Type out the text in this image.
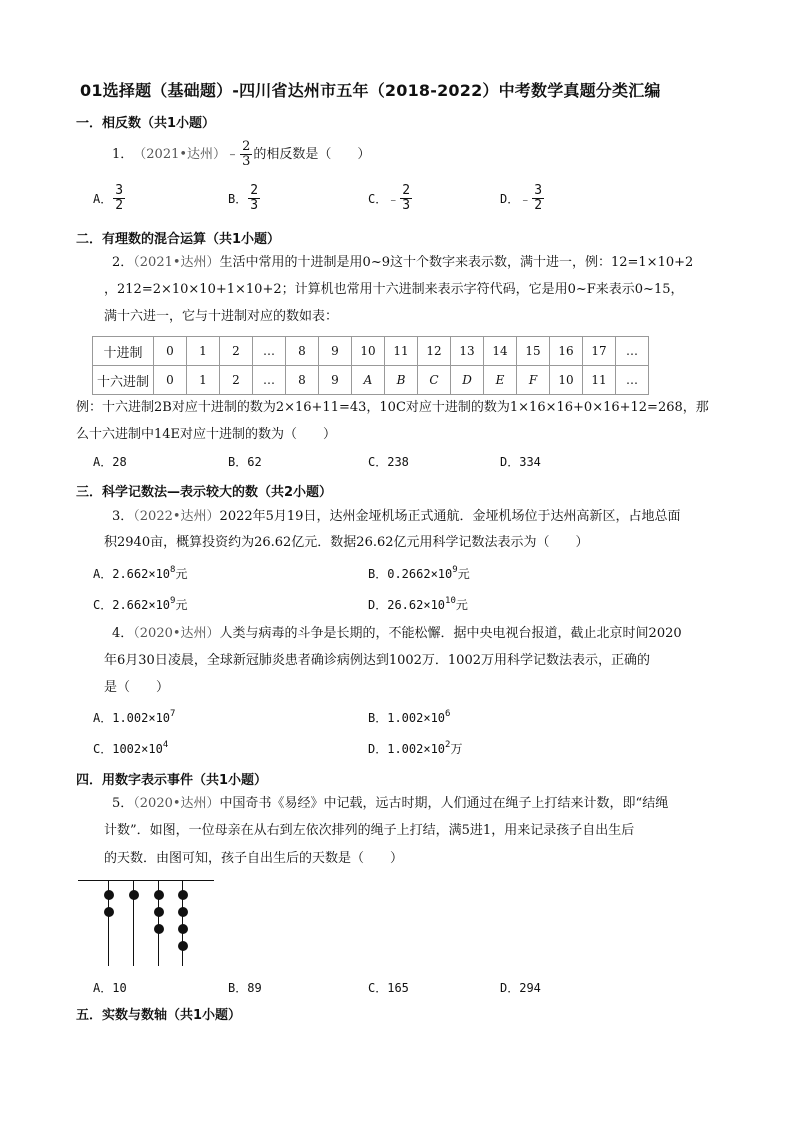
01选择题（基础题）-四川省达州市五年（2018-2022）中考数学真题分类汇编
一．相反数（共1小题）
1． （2021•达州） ﹣ $\frac{2}{3}$ 的相反数是（　　）
A． $\frac{3}{2}$	B． $\frac{2}{3}$	C． ﹣ $\frac{2}{3}$	D． ﹣ $\frac{3}{2}$
二．有理数的混合运算（共1小题）
2．（2021•达州）生活中常用的十进制是用0~9这十个数字来表示数，满十进一，例：12=1×10+2
，212=2×10×10+1×10+2；计算机也常用十六进制来表示字符代码，它是用0~F来表示0~15，
满十六进一，它与十进制对应的数如表：
十进制	0	1	2	…	8	9	10	11	12	13	14	15	16	17	…
十六进制	0	1	2	…	8	9	A	B	C	D	E	F	10	11	…
例：十六进制2B对应十进制的数为2×16+11=43，10C对应十进制的数为1×16×16+0×16+12=268，那
么十六进制中14E对应十进制的数为（　　）
A．28	B．62	C．238	D．334
三．科学记数法—表示较大的数（共2小题）
3．（2022•达州）2022年5月19日，达州金垭机场正式通航．金垭机场位于达州高新区，占地总面
积2940亩，概算投资约为26.62亿元．数据26.62亿元用科学记数法表示为（　　）
A．$2.662\times 10^8$元	B．$0.2662\times 10^9$元
C．$2.662\times 10^9$元	D．$26.62\times 10^{10}$元
4．（2020•达州）人类与病毒的斗争是长期的，不能松懈．据中央电视台报道，截止北京时间2020
年6月30日凌晨，全球新冠肺炎患者确诊病例达到1002万．1002万用科学记数法表示，正确的
是（　　）
A．$1.002\times 10^7$	B．$1.002\times 10^6$
C．$1002\times 10^4$	D．$1.002\times 10^2$万
四．用数字表示事件（共1小题）
5．（2020•达州）中国奇书《易经》中记载，远古时期，人们通过在绳子上打结来计数，即“结绳
计数”．如图，一位母亲在从右到左依次排列的绳子上打结，满5进1，用来记录孩子自出生后
的天数．由图可知，孩子自出生后的天数是（　　）
A．10	B．89	C．165	D．294
五．实数与数轴（共1小题）
